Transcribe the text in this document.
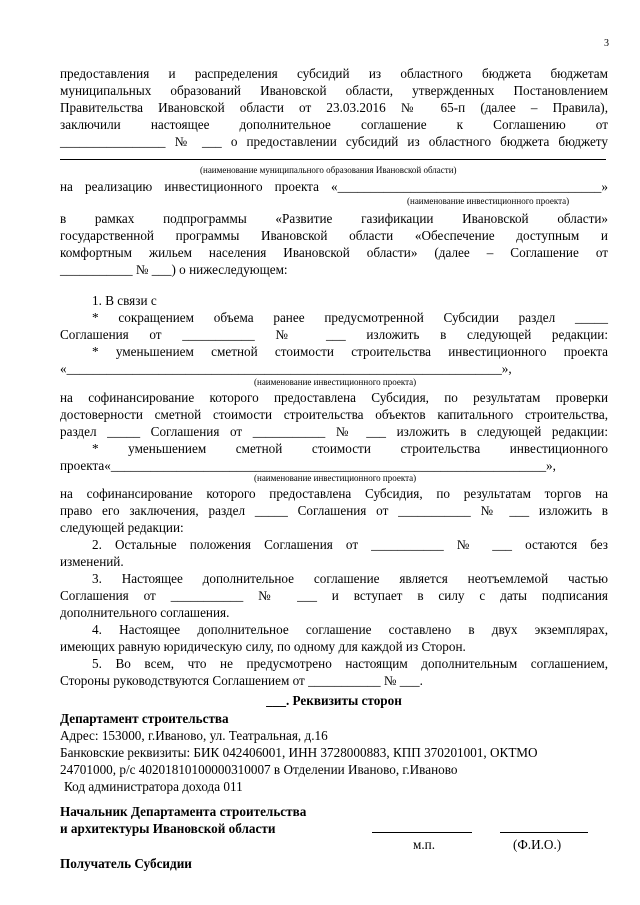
3
предоставления и распределения субсидий из областного бюджета бюджетам
муниципальных образований Ивановской области, утвержденных Постановлением
Правительства Ивановской области от 23.03.2016 № 65-п (далее – Правила),
заключили настоящее дополнительное соглашение к Соглашению от
________________ № ___ о предоставлении субсидий из областного бюджета бюджету
(наименование муниципального образования Ивановской области)
на реализацию инвестиционного проекта «________________________________________»
(наименование инвестиционного проекта)
в рамках подпрограммы «Развитие газификации Ивановской области»
государственной программы Ивановской области «Обеспечение доступным и
комфортным жильем населения Ивановской области» (далее – Соглашение от
___________ № ___) о нижеследующем:
1. В связи с
* сокращением объема ранее предусмотренной Субсидии раздел _____
Соглашения от ___________ № ___ изложить в следующей редакции:
* уменьшением сметной стоимости строительства инвестиционного проекта
«__________________________________________________________________»,
(наименование инвестиционного проекта)
на софинансирование которого предоставлена Субсидия, по результатам проверки
достоверности сметной стоимости строительства объектов капитального строительства,
раздел _____ Соглашения от ___________ № ___ изложить в следующей редакции:
* уменьшением сметной стоимости строительства инвестиционного
проекта«__________________________________________________________________»,
(наименование инвестиционного проекта)
на софинансирование которого предоставлена Субсидия, по результатам торгов на
право его заключения, раздел _____ Соглашения от ___________ № ___ изложить в
следующей редакции:
2. Остальные положения Соглашения от ___________ № ___ остаются без
изменений.
3. Настоящее дополнительное соглашение является неотъемлемой частью
Соглашения от ___________ № ___ и вступает в силу с даты подписания
дополнительного соглашения.
4. Настоящее дополнительное соглашение составлено в двух экземплярах,
имеющих равную юридическую силу, по одному для каждой из Сторон.
5. Во всем, что не предусмотрено настоящим дополнительным соглашением,
Стороны руководствуются Соглашением от ___________ № ___.
___. Реквизиты сторон
Департамент строительства
Адрес: 153000, г.Иваново, ул. Театральная, д.16
Банковские реквизиты: БИК 042406001, ИНН 3728000883, КПП 370201001, ОКТМО
24701000, р/с 40201810100000310007 в Отделении Иваново, г.Иваново
Код администратора дохода 011
Начальник Департамента строительства
и архитектуры Ивановской области
м.п.	(Ф.И.О.)
Получатель Субсидии
